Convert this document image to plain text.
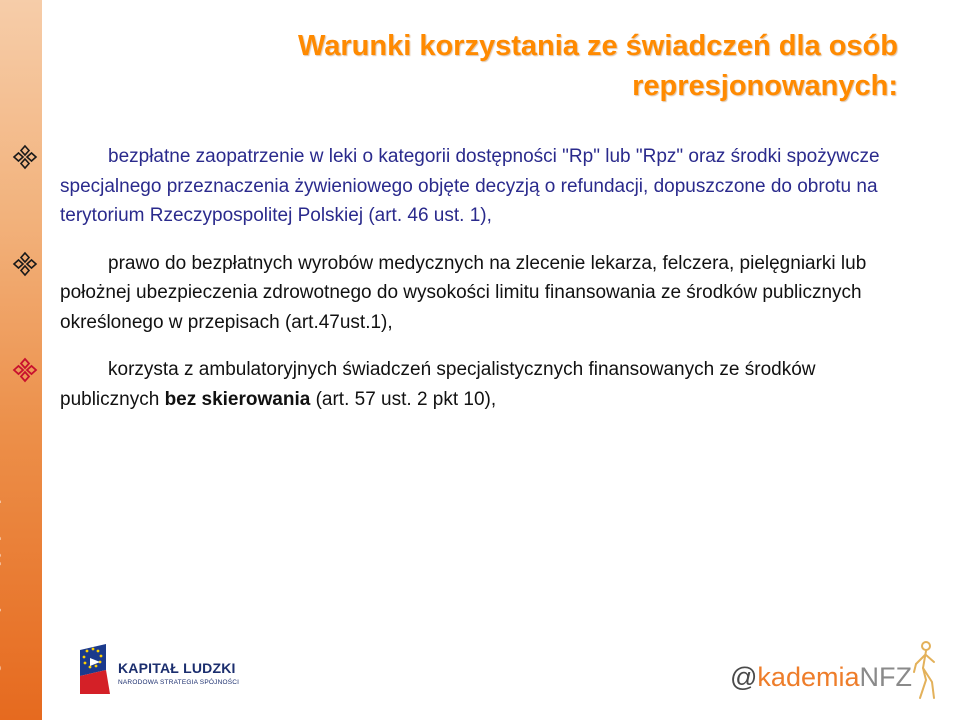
Warunki korzystania ze świadczeń dla osób
represjonowanych:
bezpłatne zaopatrzenie w leki o kategorii dostępności "Rp" lub "Rpz" oraz środki spożywcze specjalnego przeznaczenia żywieniowego objęte decyzją o refundacji, dopuszczone do obrotu na terytorium Rzeczypospolitej Polskiej (art. 46 ust. 1),
prawo do bezpłatnych wyrobów medycznych na zlecenie lekarza, felczera, pielęgniarki lub położnej ubezpieczenia zdrowotnego do wysokości limitu finansowania ze środków publicznych określonego w przepisach (art.47ust.1),
korzysta z ambulatoryjnych świadczeń specjalistycznych finansowanych ze środków publicznych bez skierowania (art. 57 ust. 2 pkt 10),
KAPITAŁ LUDZKI
NARODOWA STRATEGIA SPÓJNOŚCI	@kademiaNFZ
